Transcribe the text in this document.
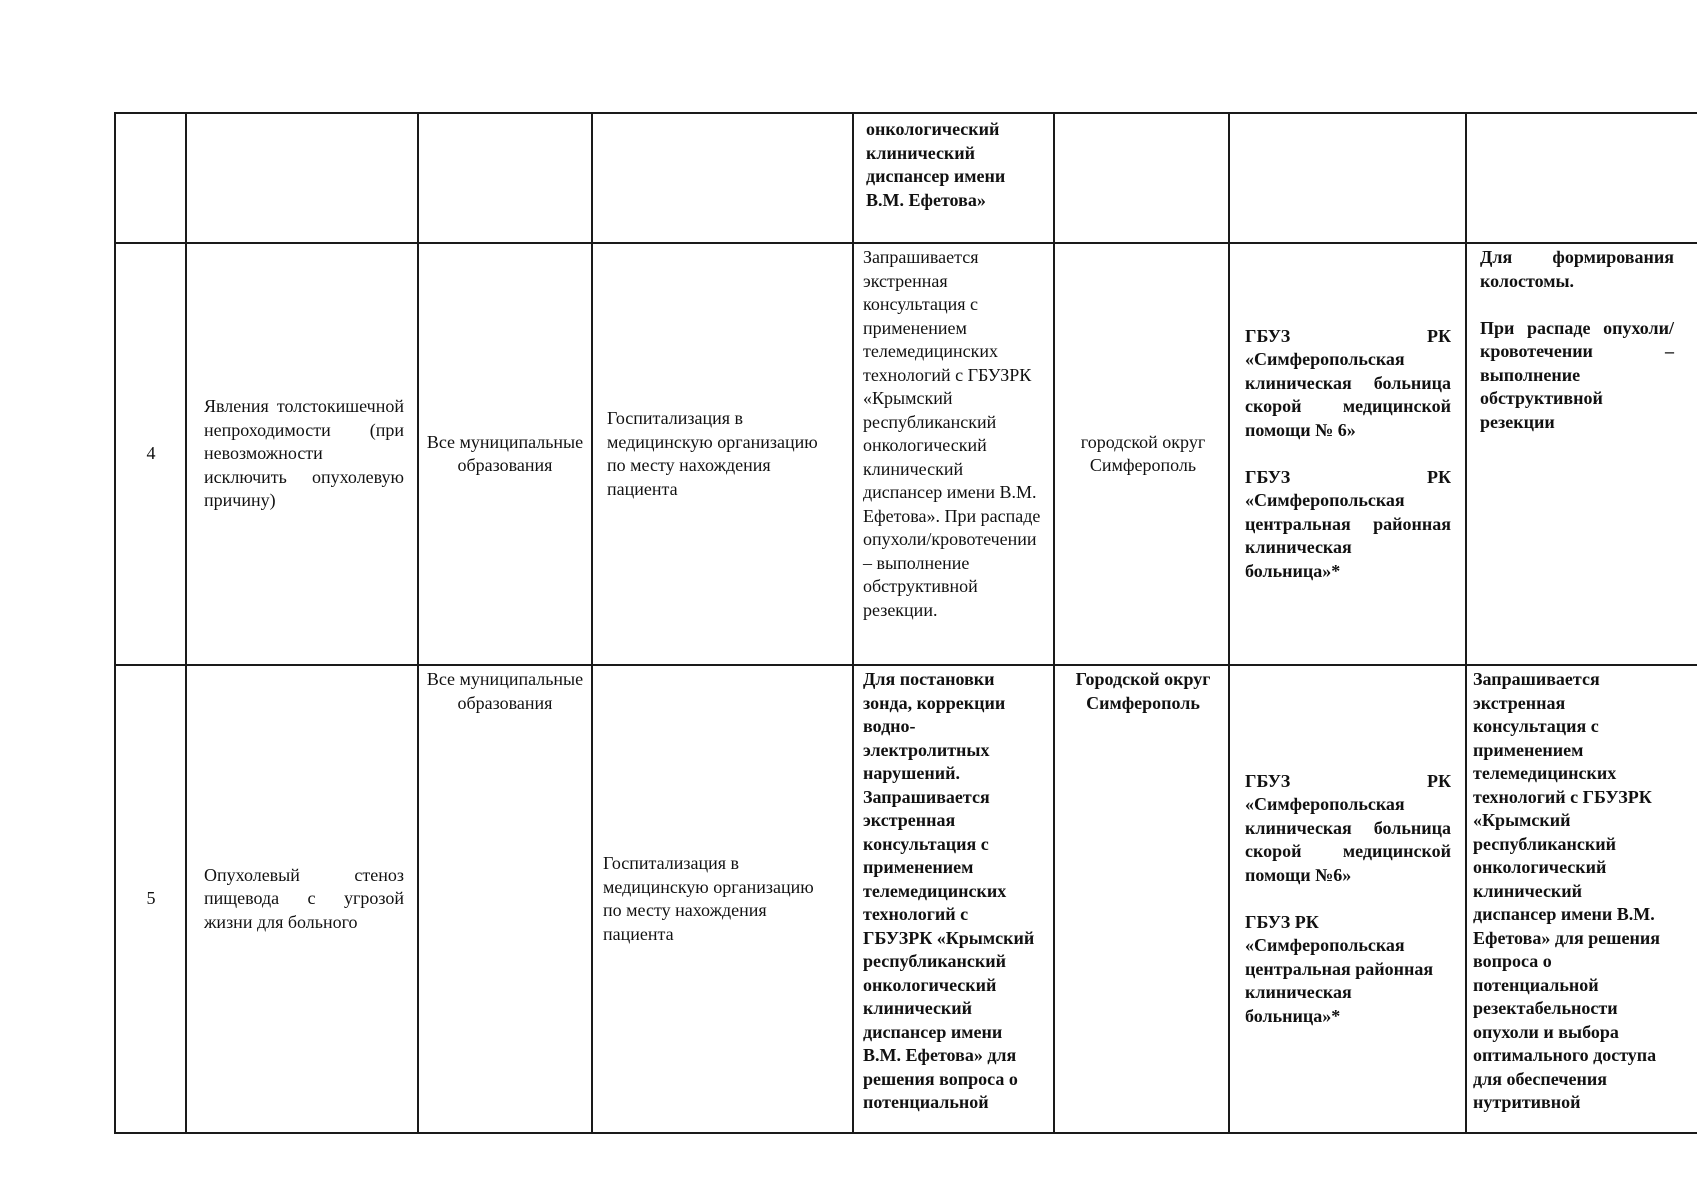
онкологический клинический диспансер имени В.М. Ефетова»
4
Явления толстокишечной непроходимости (при невозможности исключить опухолевую причину)
Все муниципальные образования
Госпитализация в медицинскую организацию по месту нахождения пациента
Запрашивается экстренная консультация с применением телемедицинских технологий с ГБУЗРК «Крымский республиканский онкологический клинический диспансер имени В.М. Ефетова». При распаде опухоли/кровотечении – выполнение обструктивной резекции.
городской округ Симферополь

ГБУЗ РК «Симферопольская клиническая больница скорой медицинской помощи № 6»

ГБУЗ РК «Симферопольская центральная районная клиническая больница»*

Для формирования колостомы.

При распаде опухоли/кровотечении – выполнение обструктивной резекции

5
Опухолевый стеноз пищевода с угрозой жизни для больного
Все муниципальные образования
Госпитализация в медицинскую организацию по месту нахождения пациента
Для постановки зонда, коррекции водно-электролитных нарушений. Запрашивается экстренная консультация с применением телемедицинских технологий с ГБУЗРК «Крымский республиканский онкологический клинический диспансер имени В.М. Ефетова» для решения вопроса о потенциальной
Городской округ Симферополь

ГБУЗ РК «Симферопольская клиническая больница скорой медицинской помощи №6»

ГБУЗ РК «Симферопольская центральная районная клиническая больница»*

Запрашивается экстренная консультация с применением телемедицинских технологий с ГБУЗРК «Крымский республиканский онкологический клинический диспансер имени В.М. Ефетова» для решения вопроса о потенциальной резектабельности опухоли и выбора оптимального доступа для обеспечения нутритивной
